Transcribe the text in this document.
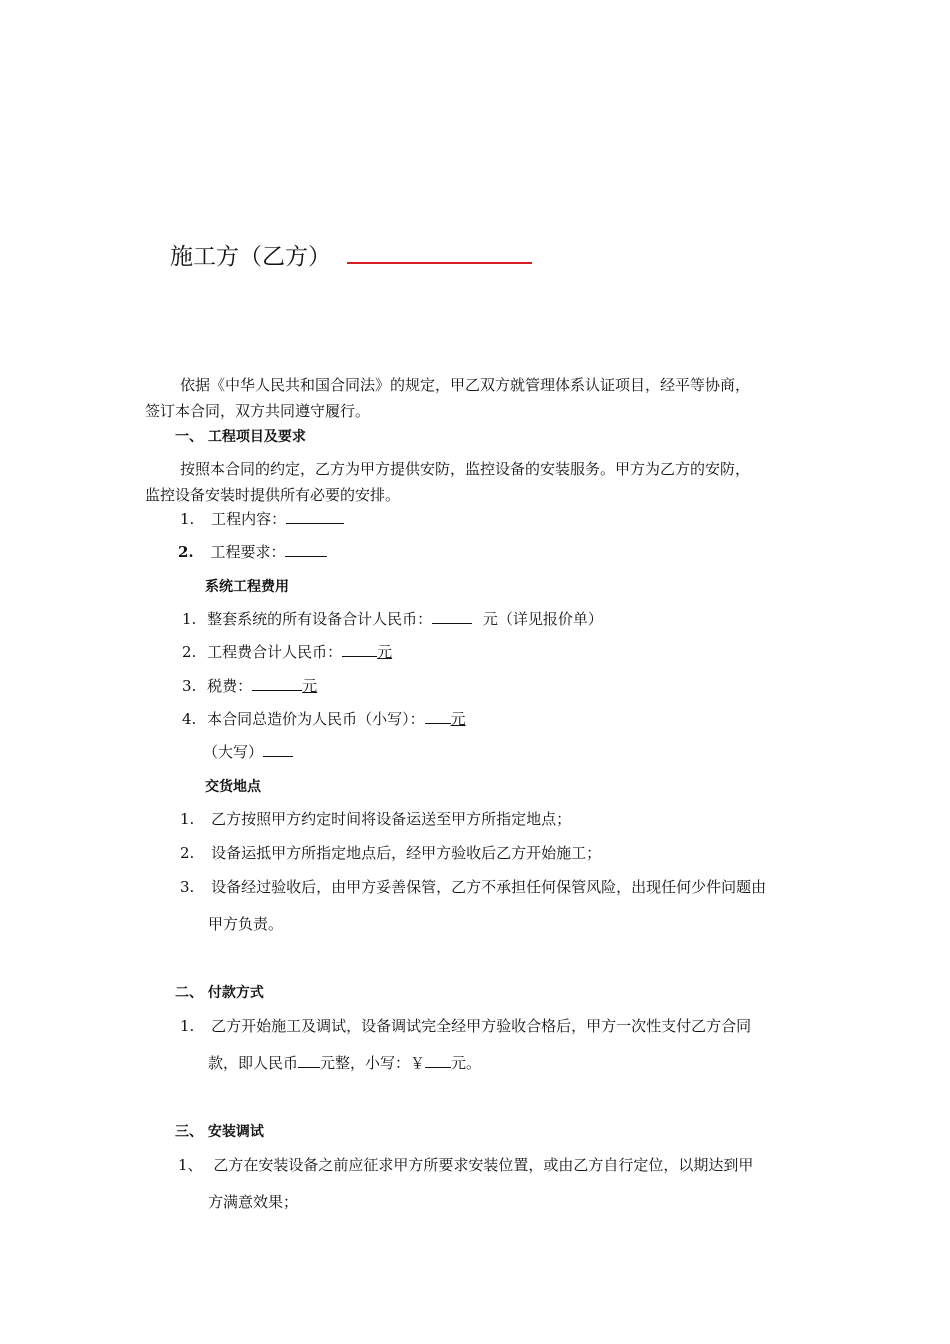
施工方（乙方）
依据《中华人民共和国合同法》的规定，甲乙双方就管理体系认证项目，经平等协商，
签订本合同，双方共同遵守履行。
一、 工程项目及要求
按照本合同的约定，乙方为甲方提供安防，监控设备的安装服务。甲方为乙方的安防，
监控设备安装时提供所有必要的安排。
1. 工程内容：
2. 工程要求：
系统工程费用
1. 整套系统的所有设备合计人民币：	元（详见报价单）
2. 工程费合计人民币： 元
3. 税费：	元
4. 本合同总造价为人民币（小写）： 元
（大写）
交货地点
1. 乙方按照甲方约定时间将设备运送至甲方所指定地点；
2. 设备运抵甲方所指定地点后，经甲方验收后乙方开始施工；
3. 设备经过验收后，由甲方妥善保管，乙方不承担任何保管风险，出现任何少件问题由
甲方负责。
二、 付款方式
1. 乙方开始施工及调试，设备调试完全经甲方验收合格后，甲方一次性支付乙方合同
款，即人民币 元整，小写：￥ 元。
三、 安装调试
1、 乙方在安装设备之前应征求甲方所要求安装位置，或由乙方自行定位，以期达到甲
方满意效果；
